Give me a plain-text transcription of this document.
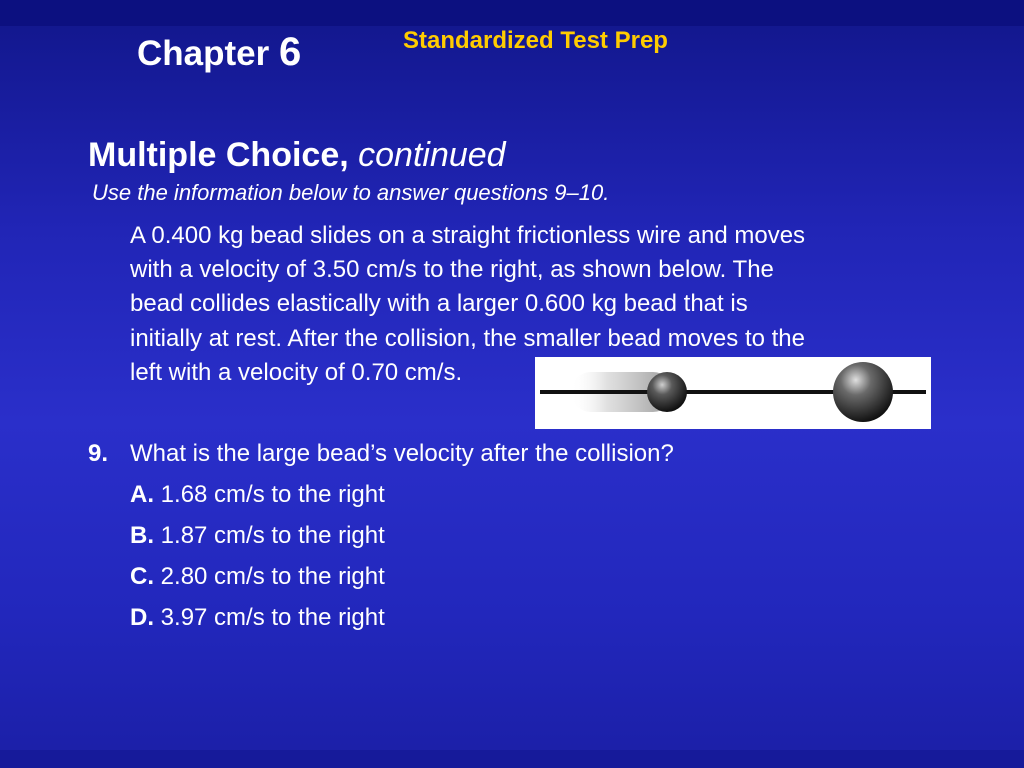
Chapter 6	Standardized Test Prep
Multiple Choice, continued
Use the information below to answer questions 9–10.
A 0.400 kg bead slides on a straight frictionless wire and moves
with a velocity of 3.50 cm/s to the right, as shown below. The
bead collides elastically with a larger 0.600 kg bead that is
initially at rest. After the collision, the smaller bead moves to the
left with a velocity of 0.70 cm/s.
9. What is the large bead’s velocity after the collision?
A. 1.68 cm/s to the right
B. 1.87 cm/s to the right
C. 2.80 cm/s to the right
D. 3.97 cm/s to the right
